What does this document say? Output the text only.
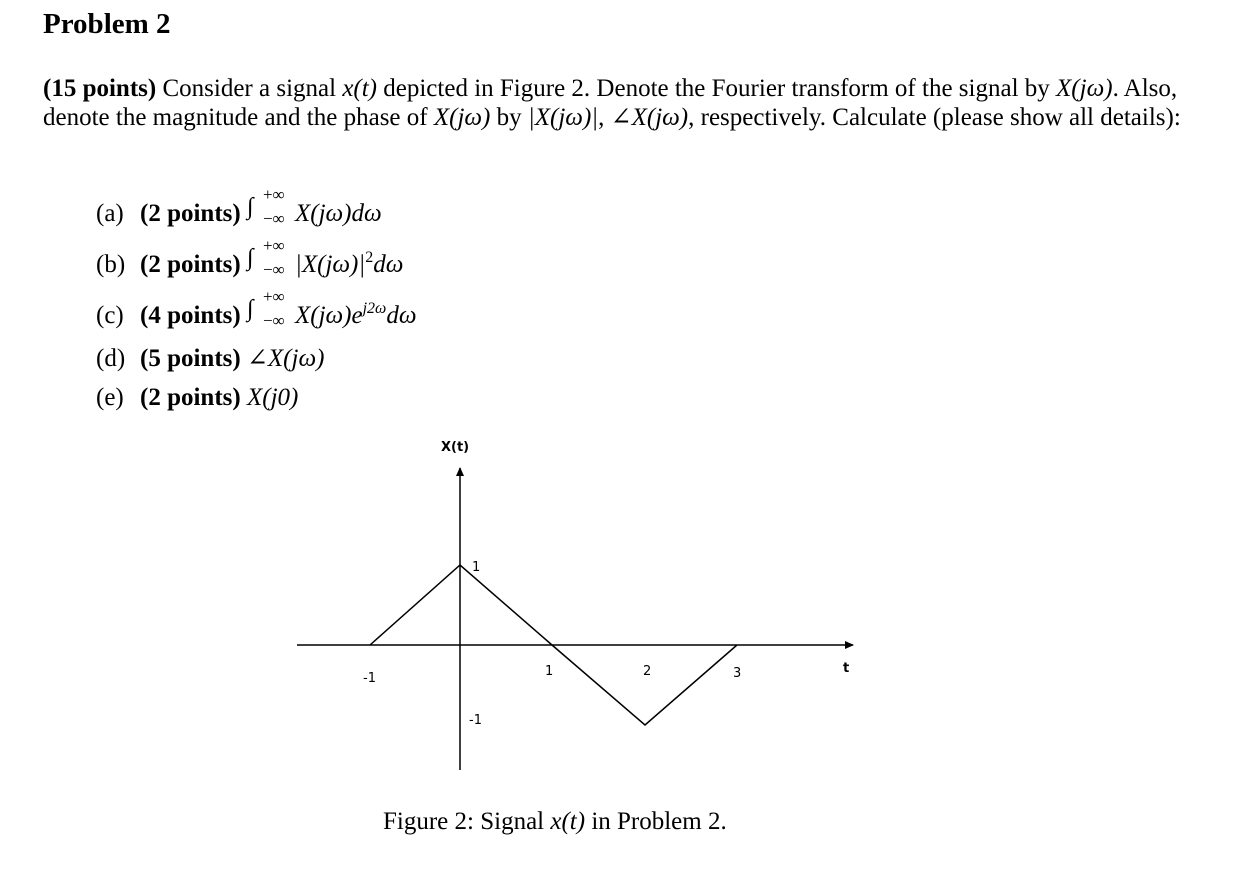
Problem 2
(15 points) Consider a signal x(t) depicted in Figure 2. Denote the Fourier transform of the signal by X(jω). Also, denote the magnitude and the phase of X(jω) by |X(jω)|, ∠X(jω), respectively. Calculate (please show all details):
(a) (2 points) ∫ +∞
−∞ X(jω)dω
(b) (2 points) ∫ +∞
−∞ $|X(j\omega)|^2d\omega$
(c) (4 points) ∫ +∞
−∞ $X(j\omega)e^{j2\omega}d\omega$
(d) (5 points) ∠X(jω)
(e) (2 points) X(j0)
X(t)
t
-1	1	2	3
1
-1
Figure 2: Signal x(t) in Problem 2.
